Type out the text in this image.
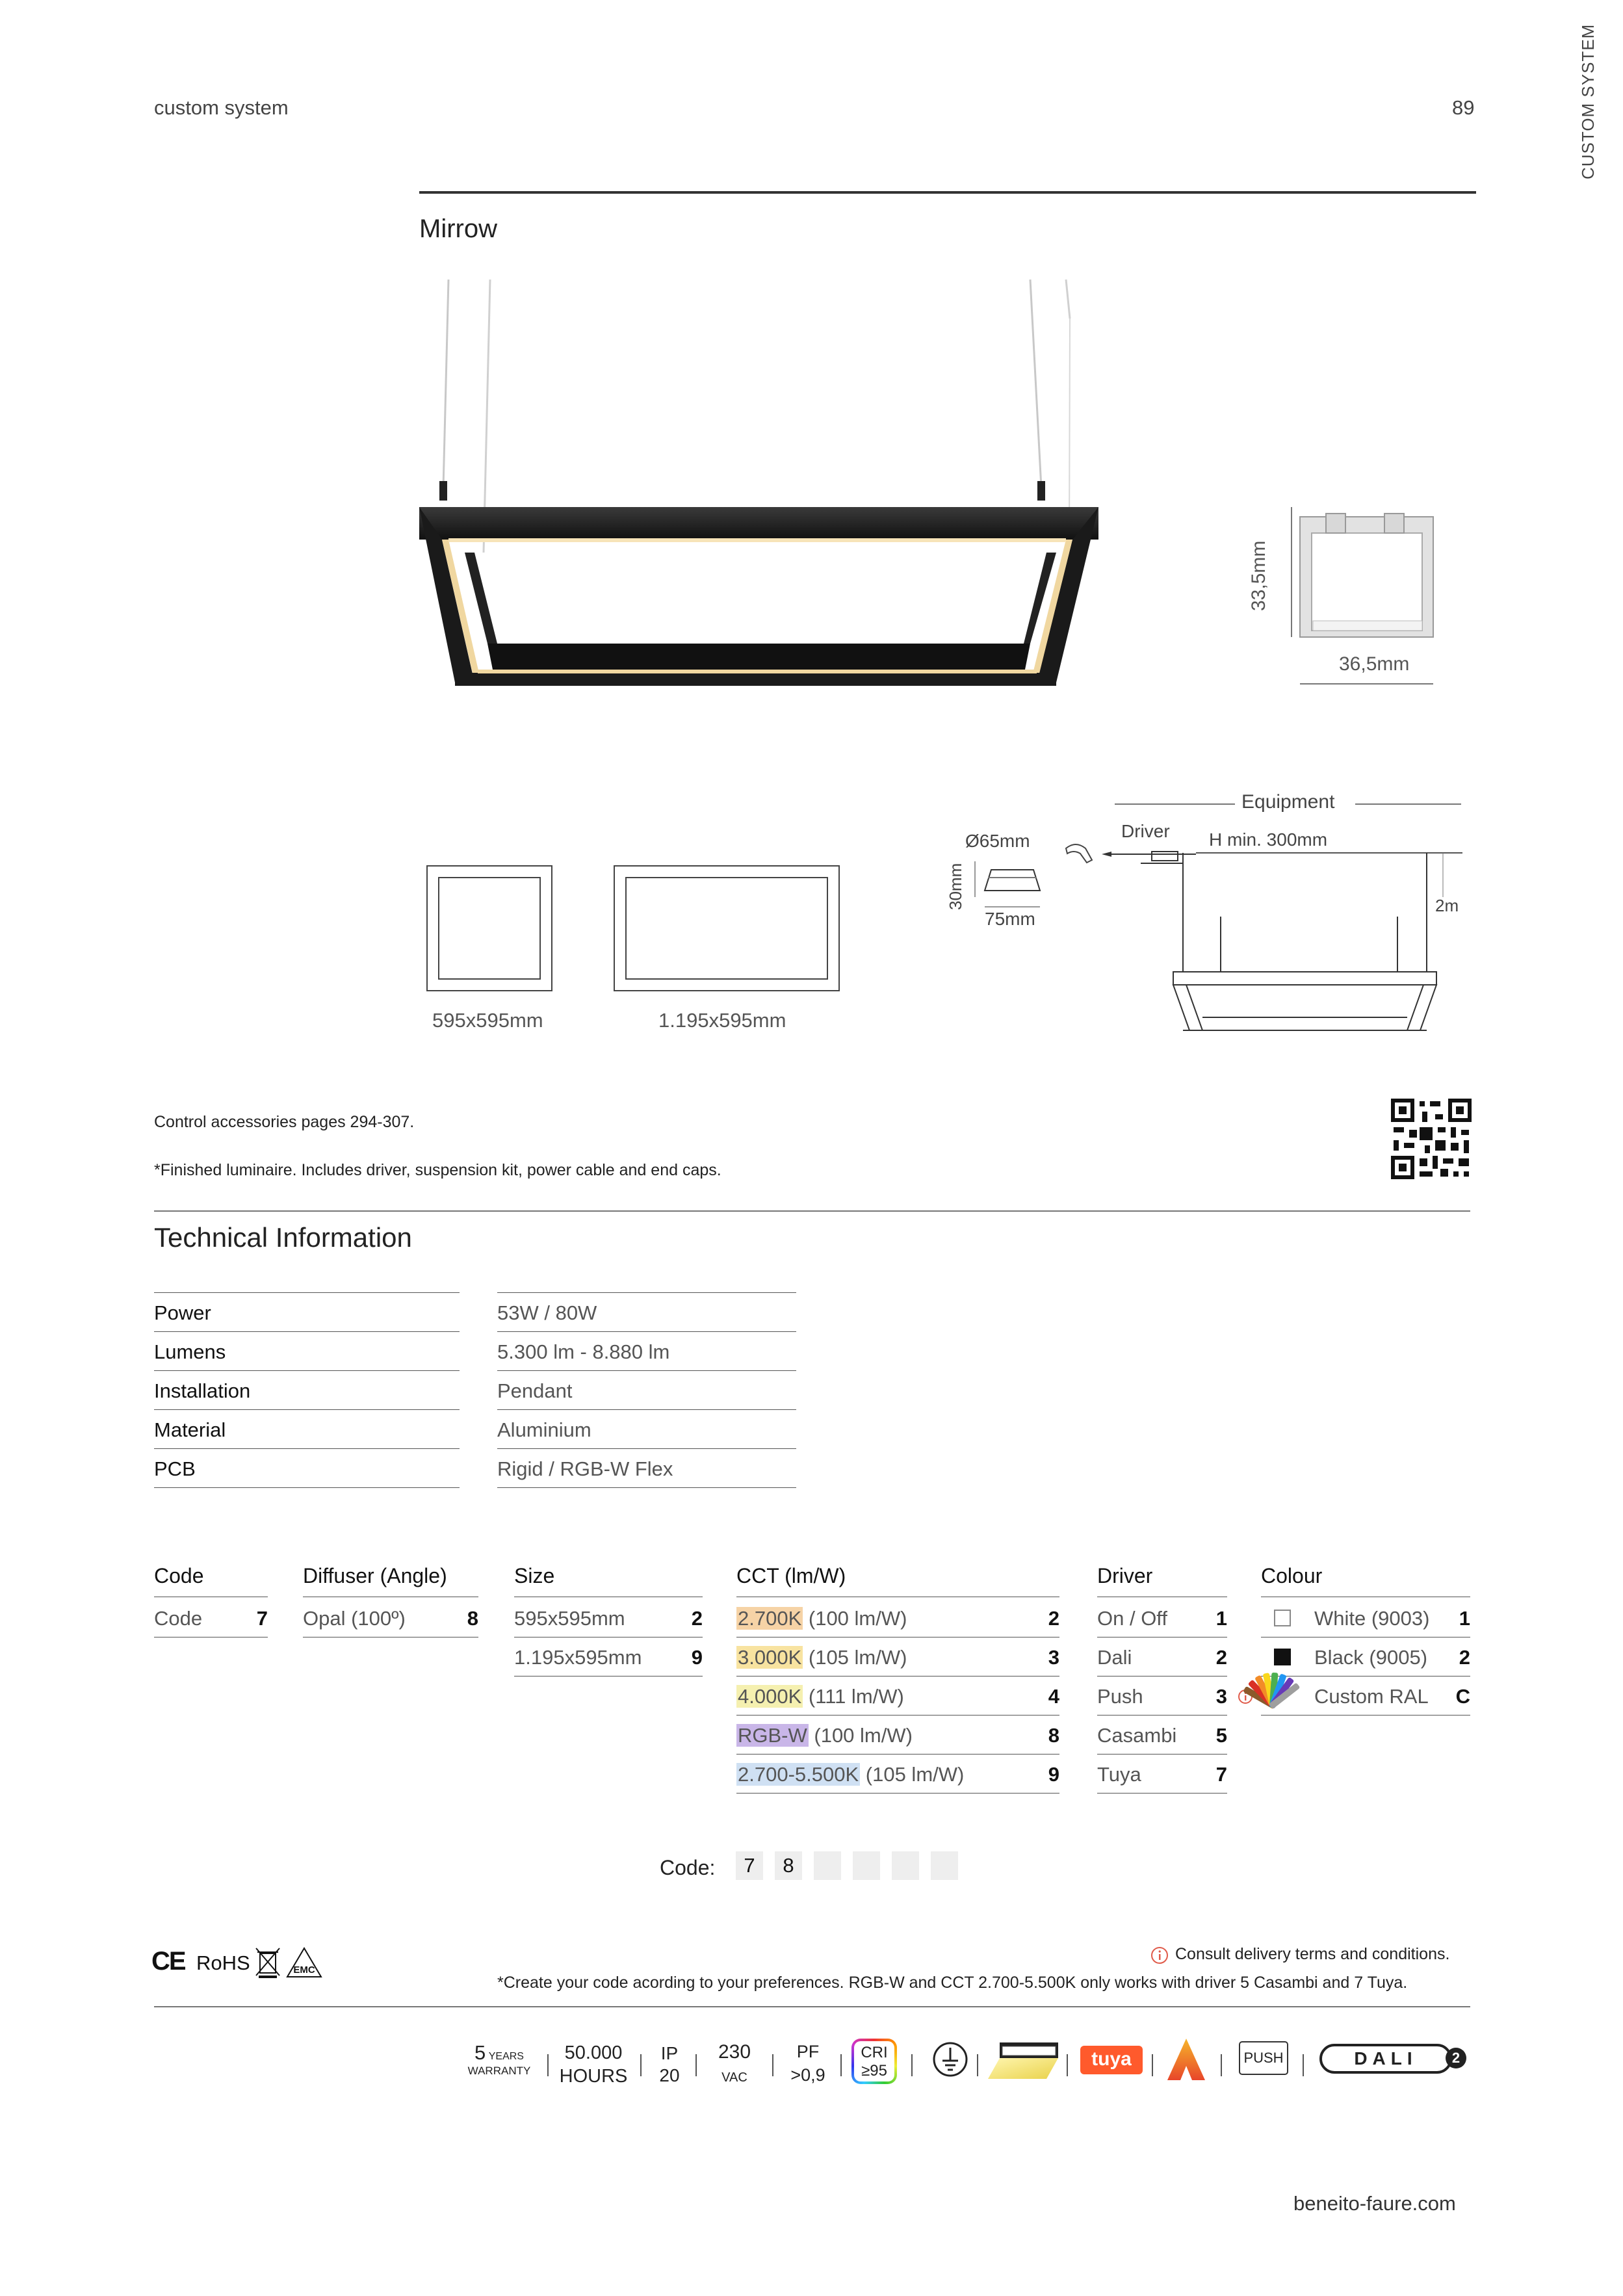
custom system	89	CUSTOM SYSTEM
Mirrow
33,5mm
36,5mm
595x595mm	1.195x595mm
Equipment
Driver H min. 300mm
Ø65mm
30mm
75mm
2m
Control accessories pages 294-307.
*Finished luminaire. Includes driver, suspension kit, power cable and end caps.
Technical Information
Power	53W / 80W
Lumens	5.300 lm - 8.880 lm
Installation	Pendant
Material	Aluminium
PCB	Rigid / RGB-W Flex
Code
Code	7
Diffuser (Angle)
Opal (100º)	8
Size
595x595mm	2
1.195x595mm 9
CCT (lm/W)
2.700K (100 lm/W)	2
3.000K (105 lm/W)	3
4.000K (111 lm/W)	4
RGB-W (100 lm/W)	8
2.700-5.500K (105 lm/W)	9
Driver
On / Off 1
Dali	2
Push	3
Casambi 5
Tuya	7
Colour
White (9003) 1
Black (9005) 2
Custom RAL C
Code:	7	8
CE RoHS	EMC
Consult delivery terms and conditions.
*Create your code acording to your preferences. RGB-W and CCT 2.700-5.500K only works with driver 5 Casambi and 7 Tuya.
5 YEARS
WARRANTY
50.000
HOURS
IP
20
230
VAC
PF
>0,9
CRI
≥95
tuya	PUSH	DALI	2
beneito-faure.com
